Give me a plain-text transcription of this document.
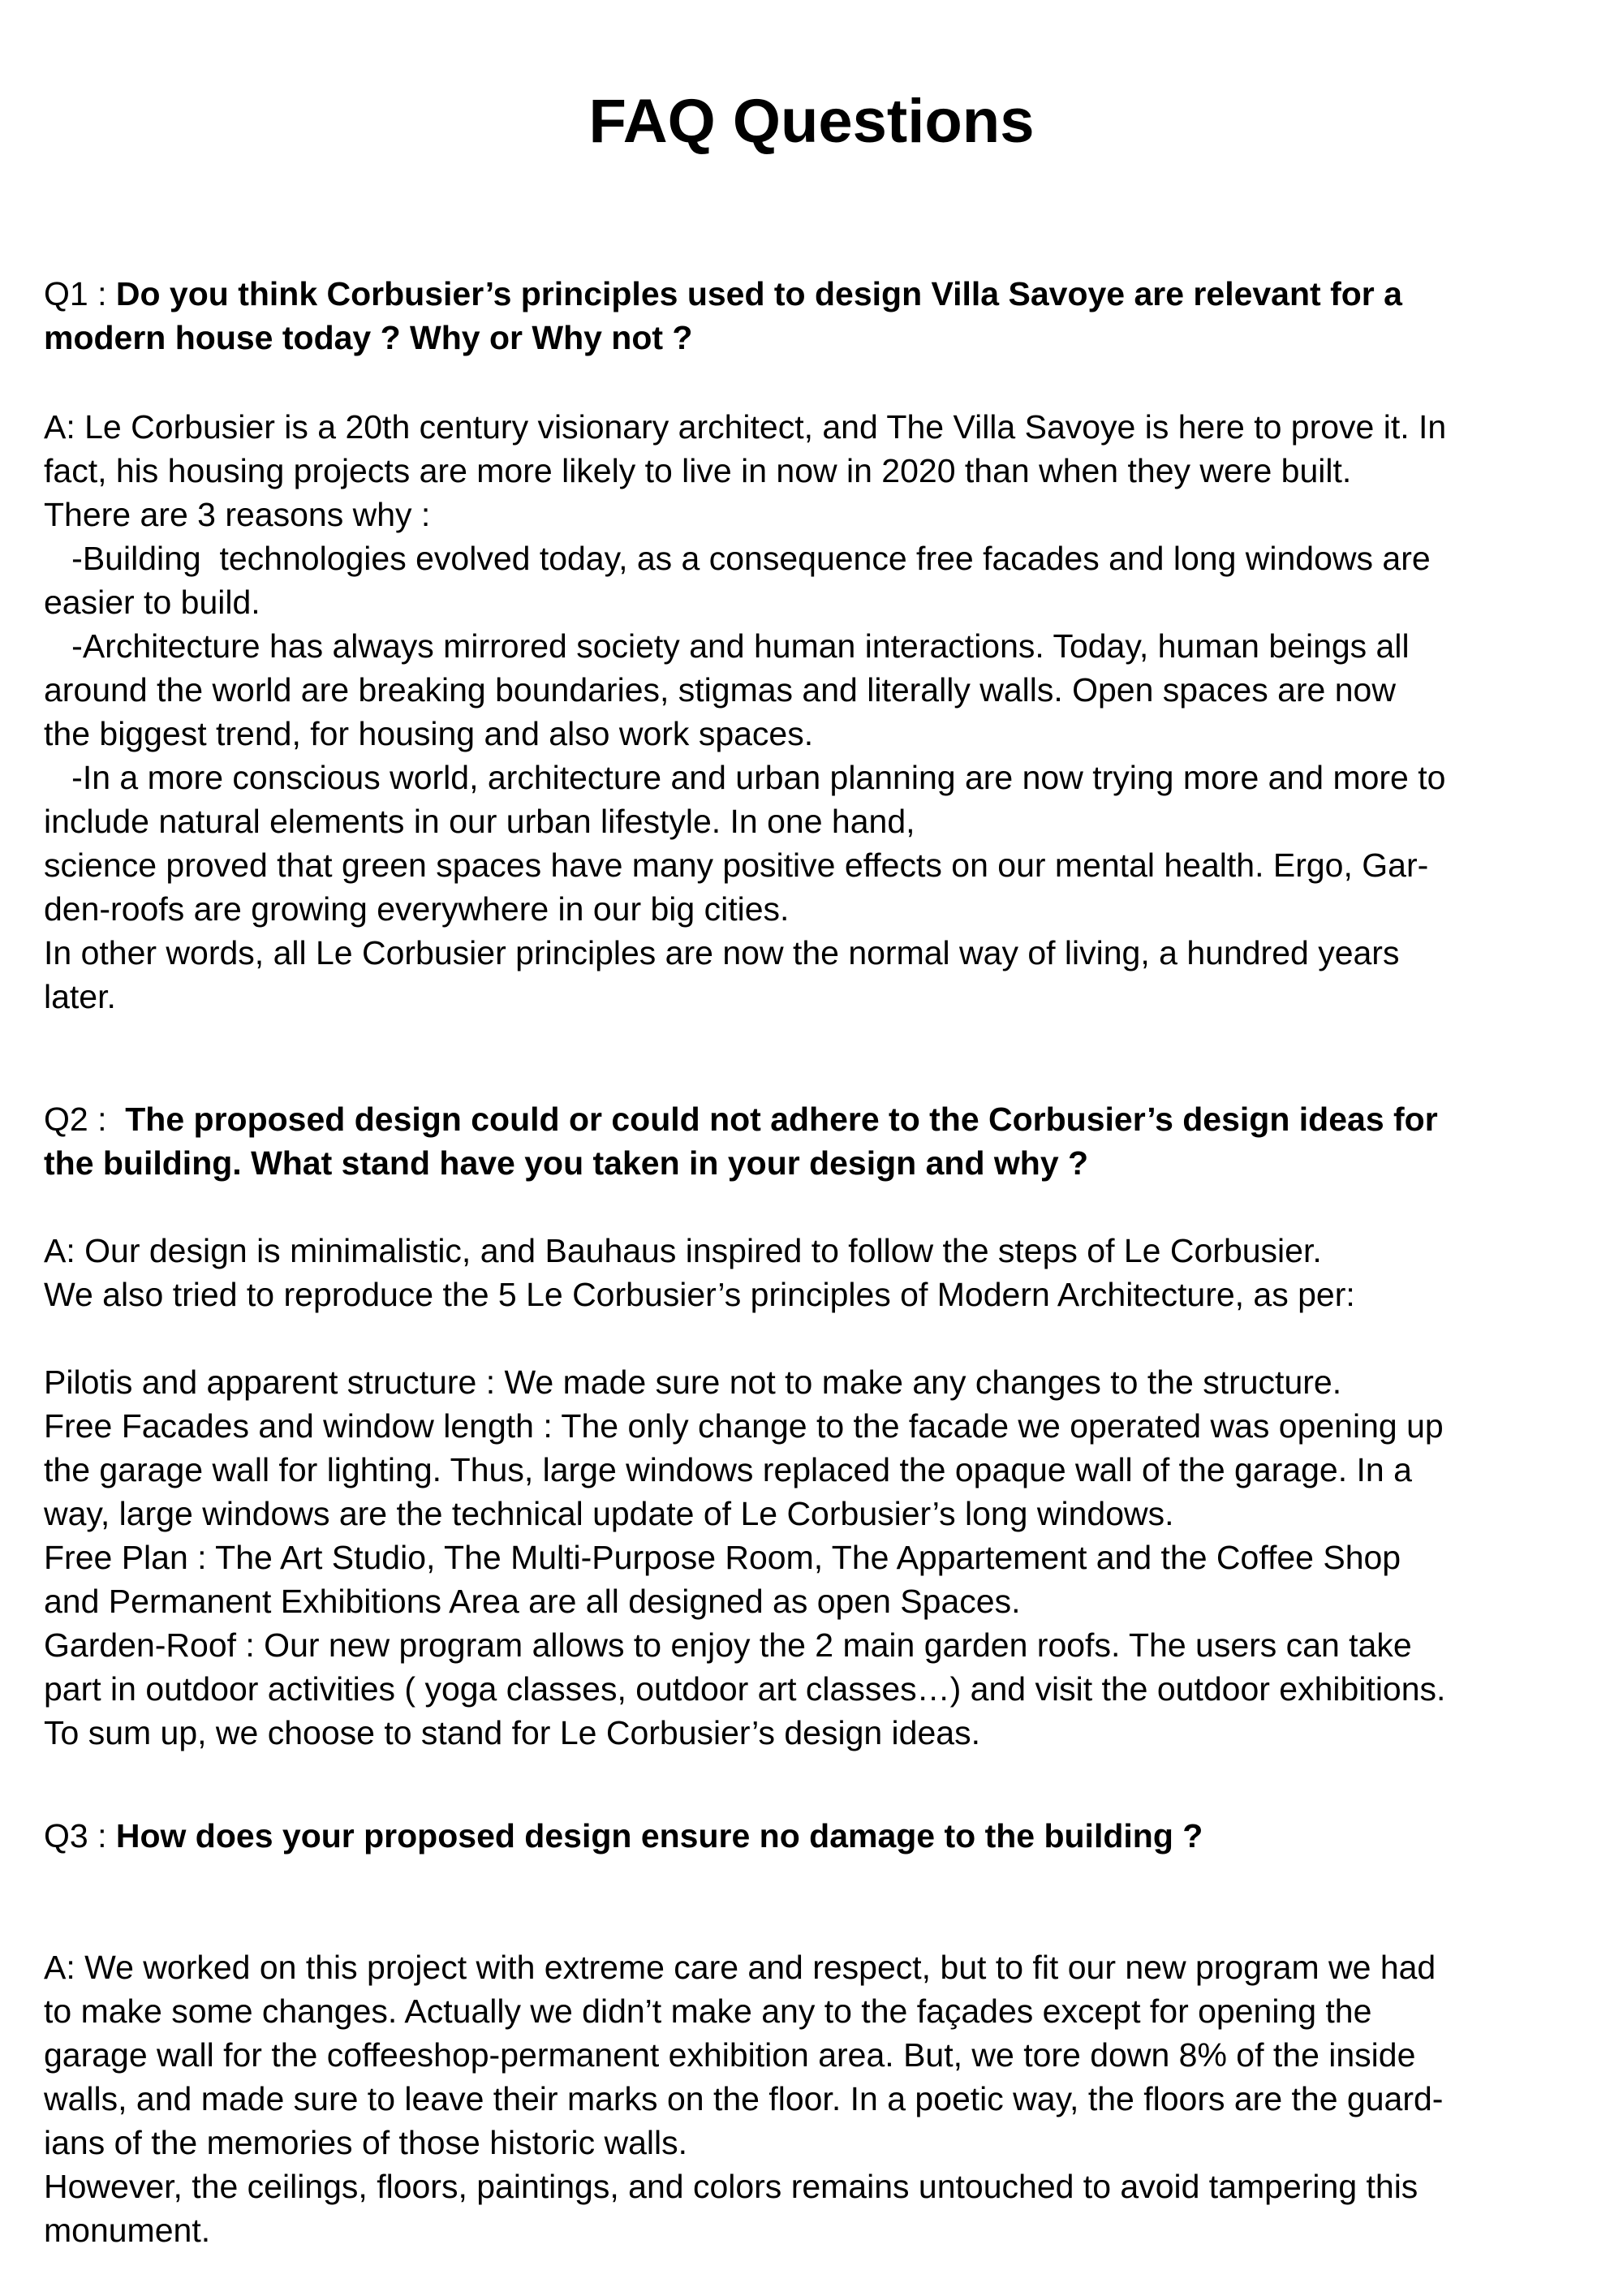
FAQ Questions
Q1 : Do you think Corbusier’s principles used to design Villa Savoye are relevant for a
modern house today ? Why or Why not ?
A: Le Corbusier is a 20th century visionary architect, and The Villa Savoye is here to prove it. In
fact, his housing projects are more likely to live in now in 2020 than when they were built.
There are 3 reasons why :
-Building  technologies evolved today, as a consequence free facades and long windows are
easier to build.
-Architecture has always mirrored society and human interactions. Today, human beings all
around the world are breaking boundaries, stigmas and literally walls. Open spaces are now
the biggest trend, for housing and also work spaces.
-In a more conscious world, architecture and urban planning are now trying more and more to
include natural elements in our urban lifestyle. In one hand,
science proved that green spaces have many positive effects on our mental health. Ergo, Gar-
den-roofs are growing everywhere in our big cities.
In other words, all Le Corbusier principles are now the normal way of living, a hundred years
later.
Q2 :  The proposed design could or could not adhere to the Corbusier’s design ideas for
the building. What stand have you taken in your design and why ?
A: Our design is minimalistic, and Bauhaus inspired to follow the steps of Le Corbusier.
We also tried to reproduce the 5 Le Corbusier’s principles of Modern Architecture, as per:
Pilotis and apparent structure : We made sure not to make any changes to the structure.
Free Facades and window length : The only change to the facade we operated was opening up
the garage wall for lighting. Thus, large windows replaced the opaque wall of the garage. In a
way, large windows are the technical update of Le Corbusier’s long windows.
Free Plan : The Art Studio, The Multi-Purpose Room, The Appartement and the Coffee Shop
and Permanent Exhibitions Area are all designed as open Spaces.
Garden-Roof : Our new program allows to enjoy the 2 main garden roofs. The users can take
part in outdoor activities ( yoga classes, outdoor art classes…) and visit the outdoor exhibitions.
To sum up, we choose to stand for Le Corbusier’s design ideas.
Q3 : How does your proposed design ensure no damage to the building ?
A: We worked on this project with extreme care and respect, but to fit our new program we had
to make some changes. Actually we didn’t make any to the façades except for opening the
garage wall for the coffeeshop-permanent exhibition area. But, we tore down 8% of the inside
walls, and made sure to leave their marks on the floor. In a poetic way, the floors are the guard-
ians of the memories of those historic walls.
However, the ceilings, floors, paintings, and colors remains untouched to avoid tampering this
monument.
